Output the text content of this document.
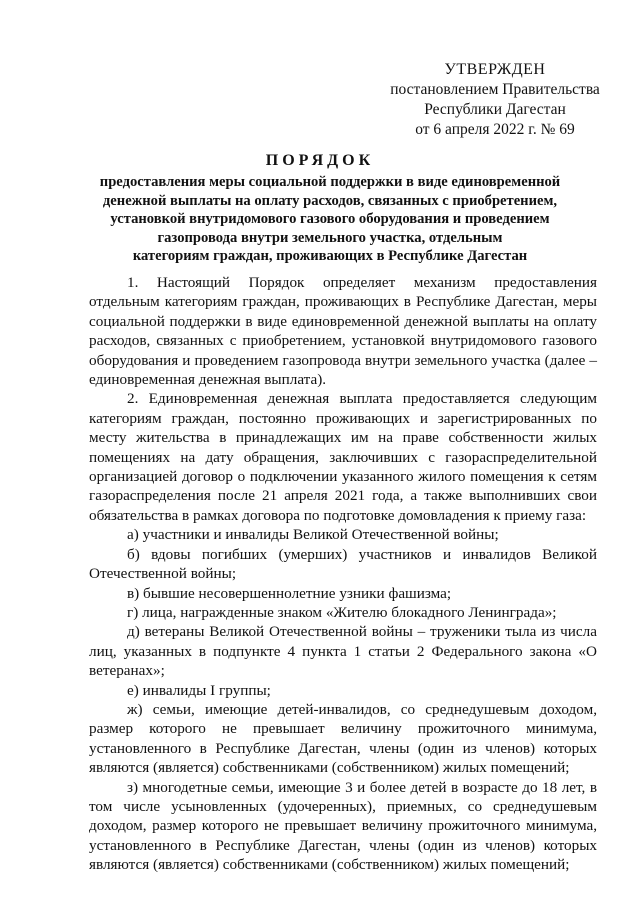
УТВЕРЖДЕН
постановлением Правительства
Республики Дагестан
от 6 апреля 2022 г. № 69
ПОРЯДОК
предоставления меры социальной поддержки в виде единовременной
денежной выплаты на оплату расходов, связанных с приобретением,
установкой внутридомового газового оборудования и проведением
газопровода внутри земельного участка, отдельным
категориям граждан, проживающих в Республике Дагестан

1. Настоящий Порядок определяет механизм предоставления отдельным категориям граждан, проживающих в Республике Дагестан, меры социальной поддержки в виде единовременной денежной выплаты на оплату расходов, связанных с приобретением, установкой внутридомового газового оборудования и проведением газопровода внутри земельного участка (далее – единовременная денежная выплата).

2. Единовременная денежная выплата предоставляется следующим категориям граждан, постоянно проживающих и зарегистрированных по месту жительства в принадлежащих им на праве собственности жилых помещениях на дату обращения, заключивших с газораспределительной организацией договор о подключении указанного жилого помещения к сетям газораспределения после 21 апреля 2021 года, а также выполнивших свои обязательства в рамках договора по подготовке домовладения к приему газа:

а) участники и инвалиды Великой Отечественной войны;

б) вдовы погибших (умерших) участников и инвалидов Великой Отечественной войны;

в) бывшие несовершеннолетние узники фашизма;

г) лица, награжденные знаком «Жителю блокадного Ленинграда»;

д) ветераны Великой Отечественной войны – труженики тыла из числа лиц, указанных в подпункте 4 пункта 1 статьи 2 Федерального закона «О ветеранах»;

е) инвалиды I группы;

ж) семьи, имеющие детей-инвалидов, со среднедушевым доходом, размер которого не превышает величину прожиточного минимума, установленного в Республике Дагестан, члены (один из членов) которых являются (является) собственниками (собственником) жилых помещений;

з) многодетные семьи, имеющие 3 и более детей в возрасте до 18 лет, в том числе усыновленных (удочеренных), приемных, со среднедушевым доходом, размер которого не превышает величину прожиточного минимума, установленного в Республике Дагестан, члены (один из членов) которых являются (является) собственниками (собственником) жилых помещений;
